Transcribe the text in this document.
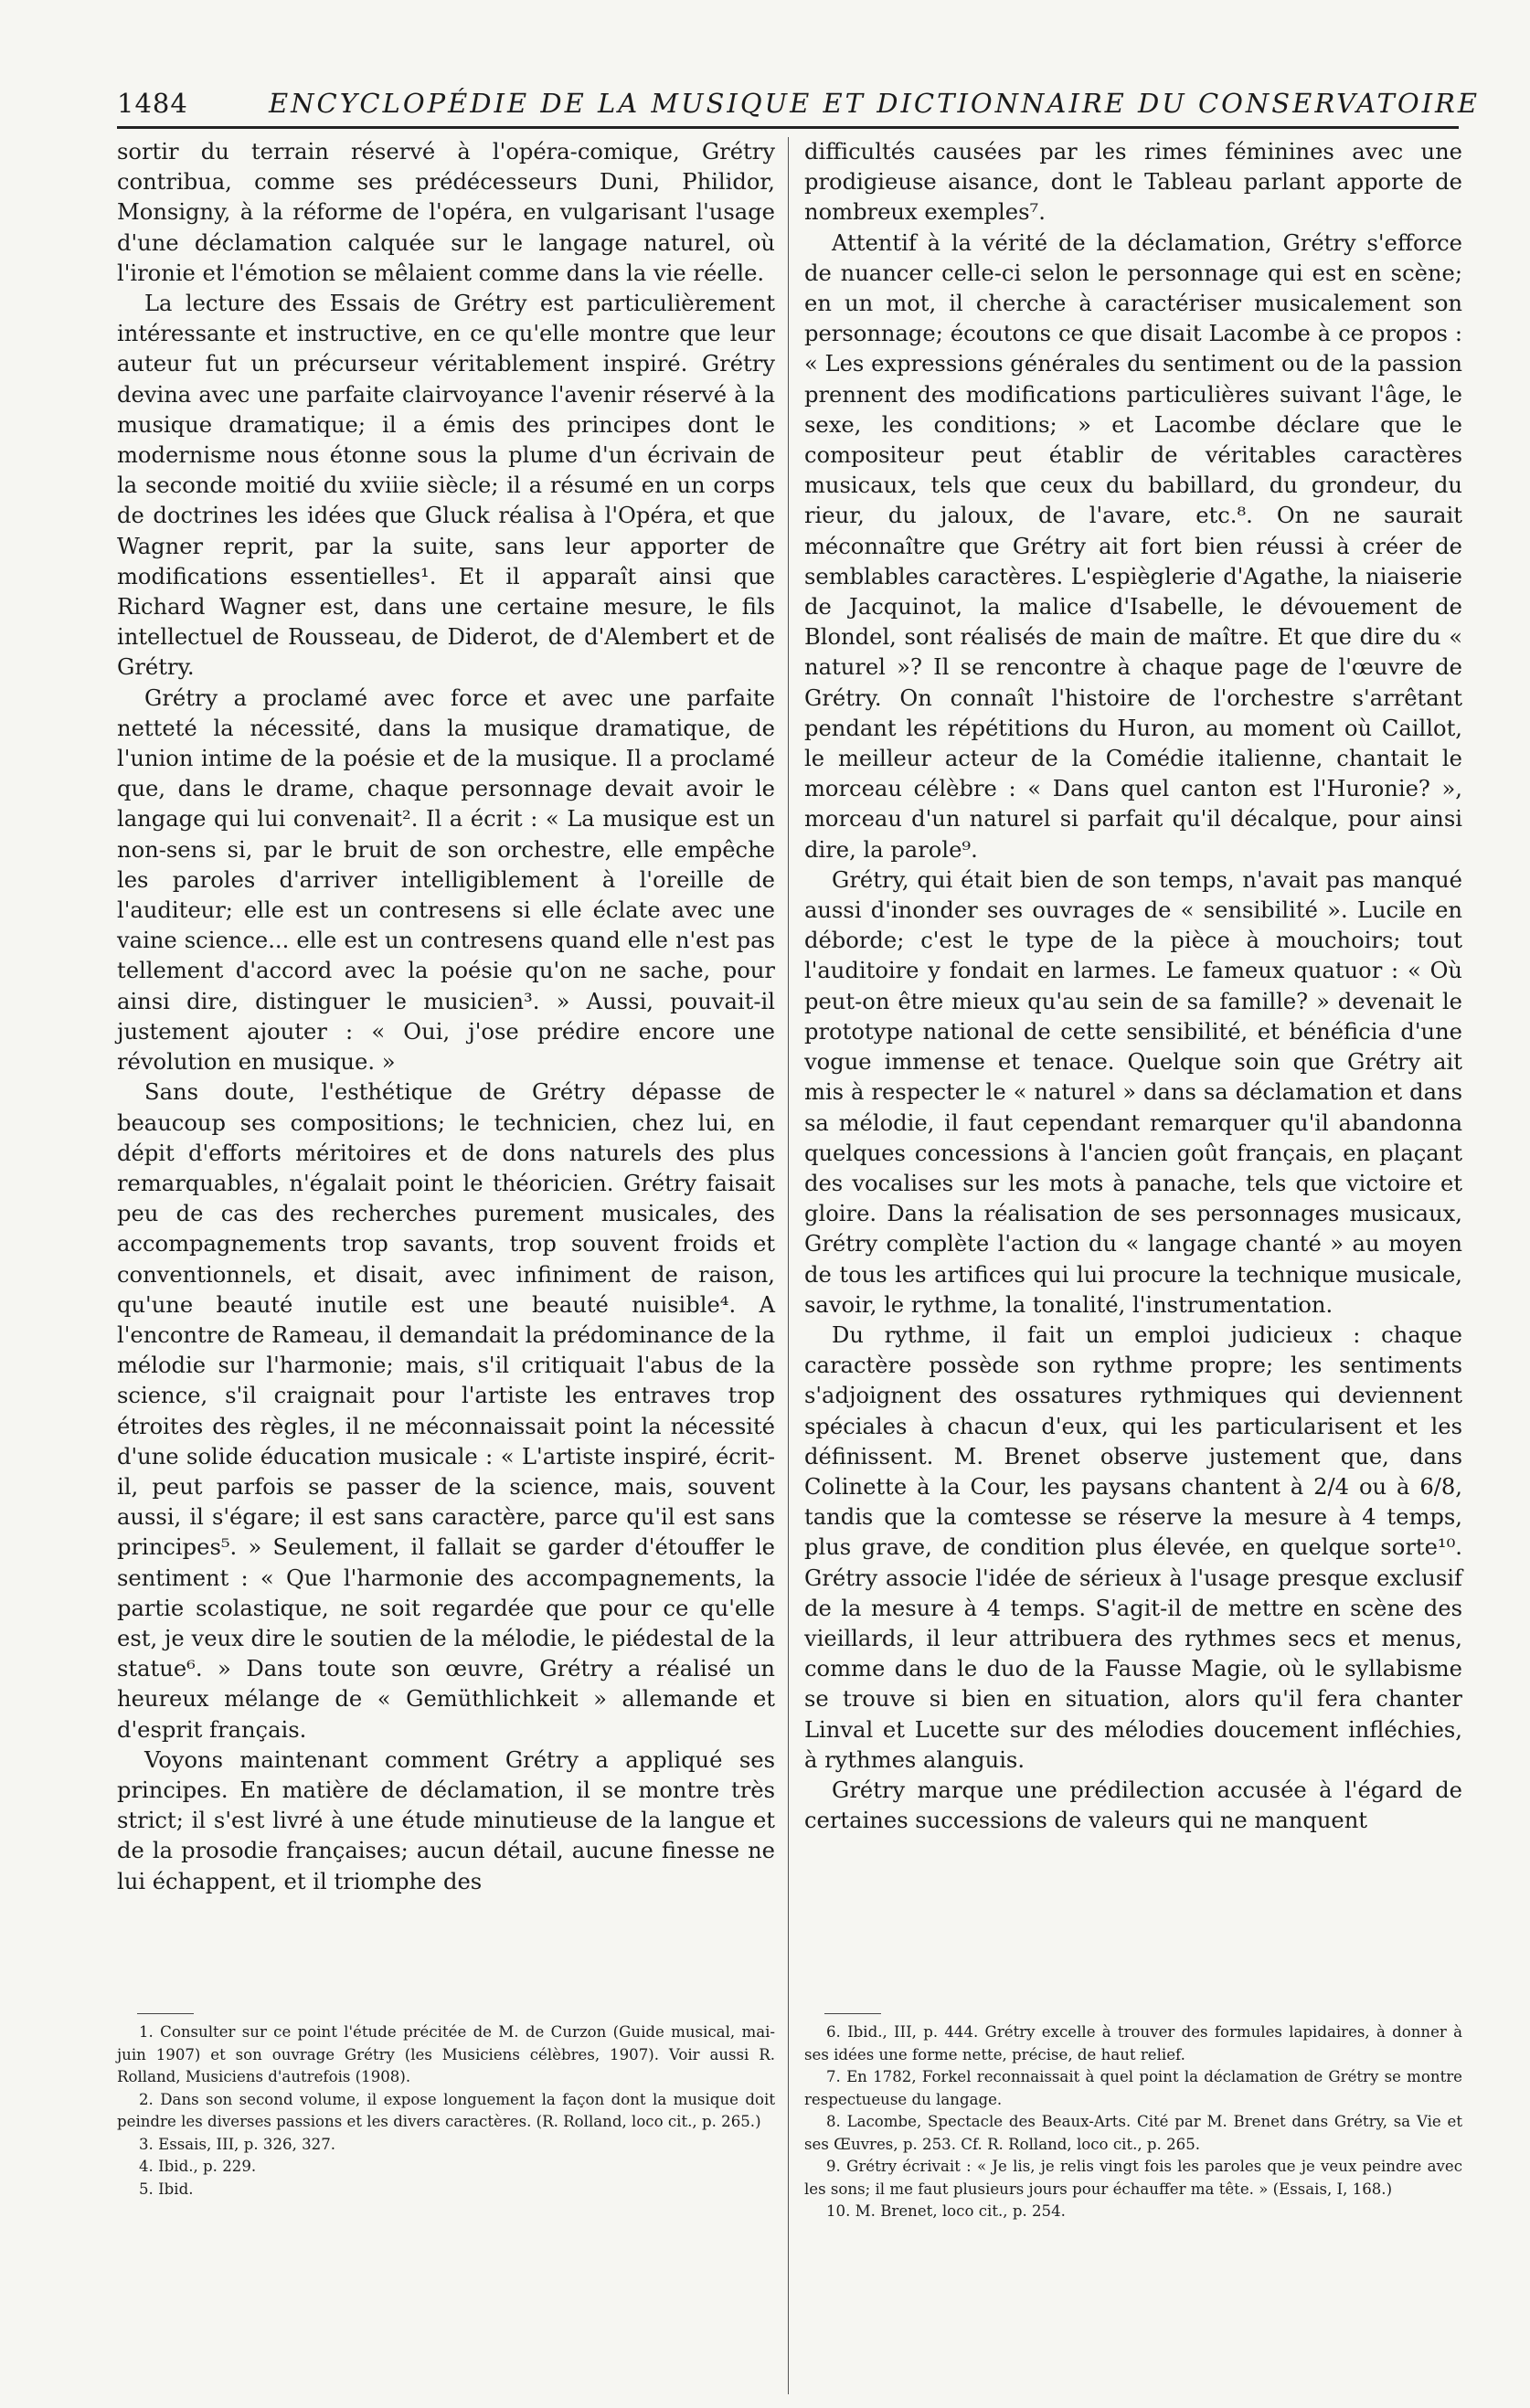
1484	ENCYCLOPÉDIE DE LA MUSIQUE ET DICTIONNAIRE DU CONSERVATOIRE

sortir du terrain réservé à l'opéra-comique, Grétry contribua, comme ses prédécesseurs Duni, Philidor, Monsigny, à la réforme de l'opéra, en vulgarisant l'usage d'une déclamation calquée sur le langage naturel, où l'ironie et l'émotion se mêlaient comme dans la vie réelle.

La lecture des Essais de Grétry est particulièrement intéressante et instructive, en ce qu'elle montre que leur auteur fut un précurseur véritablement inspiré. Grétry devina avec une parfaite clairvoyance l'avenir réservé à la musique dramatique; il a émis des principes dont le modernisme nous étonne sous la plume d'un écrivain de la seconde moitié du xviiie siècle; il a résumé en un corps de doctrines les idées que Gluck réalisa à l'Opéra, et que Wagner reprit, par la suite, sans leur apporter de modifications essentielles¹. Et il apparaît ainsi que Richard Wagner est, dans une certaine mesure, le fils intellectuel de Rousseau, de Diderot, de d'Alembert et de Grétry.

Grétry a proclamé avec force et avec une parfaite netteté la nécessité, dans la musique dramatique, de l'union intime de la poésie et de la musique. Il a proclamé que, dans le drame, chaque personnage devait avoir le langage qui lui convenait². Il a écrit : « La musique est un non-sens si, par le bruit de son orchestre, elle empêche les paroles d'arriver intelligiblement à l'oreille de l'auditeur; elle est un contresens si elle éclate avec une vaine science... elle est un contresens quand elle n'est pas tellement d'accord avec la poésie qu'on ne sache, pour ainsi dire, distinguer le musicien³. » Aussi, pouvait-il justement ajouter : « Oui, j'ose prédire encore une révolution en musique. »

Sans doute, l'esthétique de Grétry dépasse de beaucoup ses compositions; le technicien, chez lui, en dépit d'efforts méritoires et de dons naturels des plus remarquables, n'égalait point le théoricien. Grétry faisait peu de cas des recherches purement musicales, des accompagnements trop savants, trop souvent froids et conventionnels, et disait, avec infiniment de raison, qu'une beauté inutile est une beauté nuisible⁴. A l'encontre de Rameau, il demandait la prédominance de la mélodie sur l'harmonie; mais, s'il critiquait l'abus de la science, s'il craignait pour l'artiste les entraves trop étroites des règles, il ne méconnaissait point la nécessité d'une solide éducation musicale : « L'artiste inspiré, écrit-il, peut parfois se passer de la science, mais, souvent aussi, il s'égare; il est sans caractère, parce qu'il est sans principes⁵. » Seulement, il fallait se garder d'étouffer le sentiment : « Que l'harmonie des accompagnements, la partie scolastique, ne soit regardée que pour ce qu'elle est, je veux dire le soutien de la mélodie, le piédestal de la statue⁶. » Dans toute son œuvre, Grétry a réalisé un heureux mélange de « Gemüthlichkeit » allemande et d'esprit français.

Voyons maintenant comment Grétry a appliqué ses principes. En matière de déclamation, il se montre très strict; il s'est livré à une étude minutieuse de la langue et de la prosodie françaises; aucun détail, aucune finesse ne lui échappent, et il triomphe des

difficultés causées par les rimes féminines avec une prodigieuse aisance, dont le Tableau parlant apporte de nombreux exemples⁷.

Attentif à la vérité de la déclamation, Grétry s'efforce de nuancer celle-ci selon le personnage qui est en scène; en un mot, il cherche à caractériser musicalement son personnage; écoutons ce que disait Lacombe à ce propos : « Les expressions générales du sentiment ou de la passion prennent des modifications particulières suivant l'âge, le sexe, les conditions; » et Lacombe déclare que le compositeur peut établir de véritables caractères musicaux, tels que ceux du babillard, du grondeur, du rieur, du jaloux, de l'avare, etc.⁸. On ne saurait méconnaître que Grétry ait fort bien réussi à créer de semblables caractères. L'espièglerie d'Agathe, la niaiserie de Jacquinot, la malice d'Isabelle, le dévouement de Blondel, sont réalisés de main de maître. Et que dire du « naturel »? Il se rencontre à chaque page de l'œuvre de Grétry. On connaît l'histoire de l'orchestre s'arrêtant pendant les répétitions du Huron, au moment où Caillot, le meilleur acteur de la Comédie italienne, chantait le morceau célèbre : « Dans quel canton est l'Huronie? », morceau d'un naturel si parfait qu'il décalque, pour ainsi dire, la parole⁹.

Grétry, qui était bien de son temps, n'avait pas manqué aussi d'inonder ses ouvrages de « sensibilité ». Lucile en déborde; c'est le type de la pièce à mouchoirs; tout l'auditoire y fondait en larmes. Le fameux quatuor : « Où peut-on être mieux qu'au sein de sa famille? » devenait le prototype national de cette sensibilité, et bénéficia d'une vogue immense et tenace. Quelque soin que Grétry ait mis à respecter le « naturel » dans sa déclamation et dans sa mélodie, il faut cependant remarquer qu'il abandonna quelques concessions à l'ancien goût français, en plaçant des vocalises sur les mots à panache, tels que victoire et gloire. Dans la réalisation de ses personnages musicaux, Grétry complète l'action du « langage chanté » au moyen de tous les artifices qui lui procure la technique musicale, savoir, le rythme, la tonalité, l'instrumentation.

Du rythme, il fait un emploi judicieux : chaque caractère possède son rythme propre; les sentiments s'adjoignent des ossatures rythmiques qui deviennent spéciales à chacun d'eux, qui les particularisent et les définissent. M. Brenet observe justement que, dans Colinette à la Cour, les paysans chantent à 2/4 ou à 6/8, tandis que la comtesse se réserve la mesure à 4 temps, plus grave, de condition plus élevée, en quelque sorte¹⁰. Grétry associe l'idée de sérieux à l'usage presque exclusif de la mesure à 4 temps. S'agit-il de mettre en scène des vieillards, il leur attribuera des rythmes secs et menus, comme dans le duo de la Fausse Magie, où le syllabisme se trouve si bien en situation, alors qu'il fera chanter Linval et Lucette sur des mélodies doucement infléchies, à rythmes alanguis.

Grétry marque une prédilection accusée à l'égard de certaines successions de valeurs qui ne manquent

1. Consulter sur ce point l'étude précitée de M. de Curzon (Guide musical, mai-juin 1907) et son ouvrage Grétry (les Musiciens célèbres, 1907). Voir aussi R. Rolland, Musiciens d'autrefois (1908).

2. Dans son second volume, il expose longuement la façon dont la musique doit peindre les diverses passions et les divers caractères. (R. Rolland, loco cit., p. 265.)

3. Essais, III, p. 326, 327.

4. Ibid., p. 229.

5. Ibid.

6. Ibid., III, p. 444. Grétry excelle à trouver des formules lapidaires, à donner à ses idées une forme nette, précise, de haut relief.

7. En 1782, Forkel reconnaissait à quel point la déclamation de Grétry se montre respectueuse du langage.

8. Lacombe, Spectacle des Beaux-Arts. Cité par M. Brenet dans Grétry, sa Vie et ses Œuvres, p. 253. Cf. R. Rolland, loco cit., p. 265.

9. Grétry écrivait : « Je lis, je relis vingt fois les paroles que je veux peindre avec les sons; il me faut plusieurs jours pour échauffer ma tête. » (Essais, I, 168.)

10. M. Brenet, loco cit., p. 254.
